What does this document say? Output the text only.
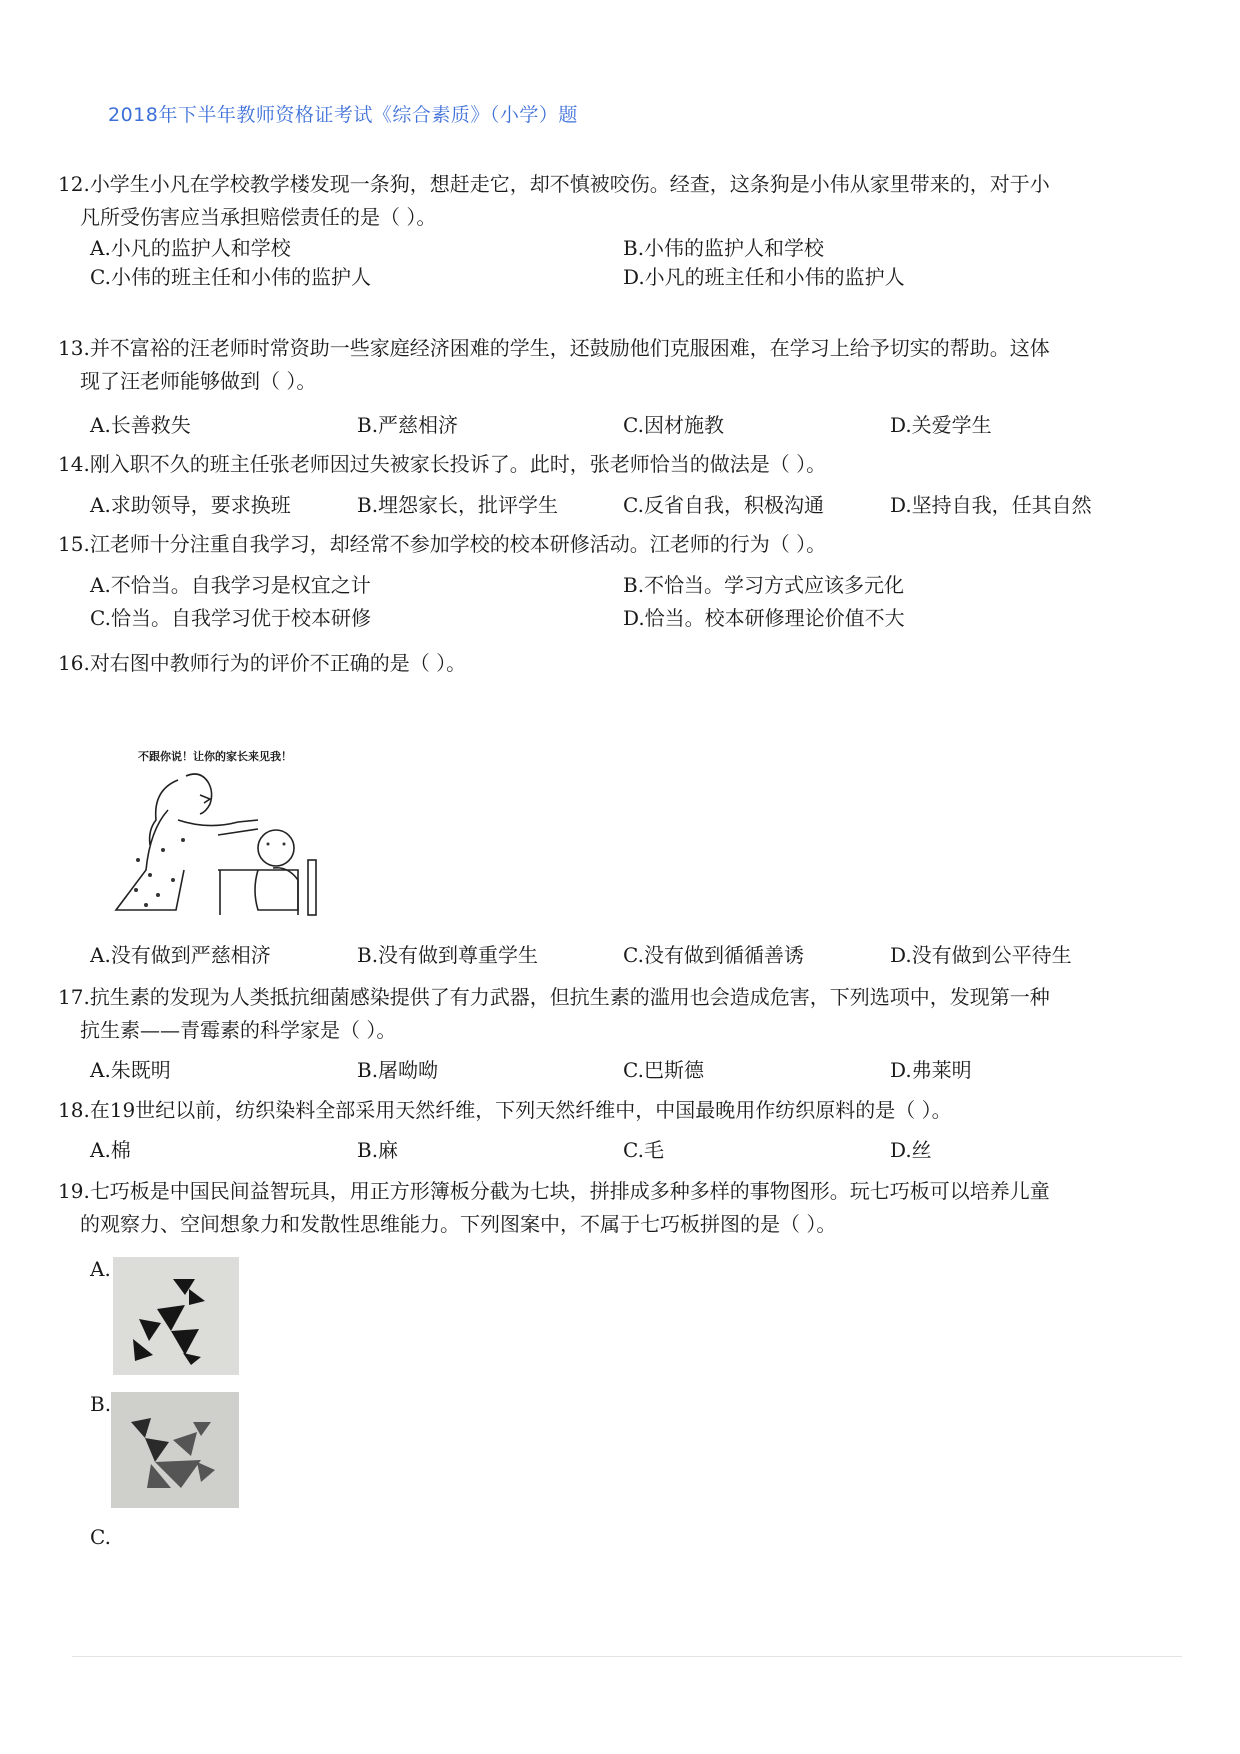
2018年下半年教师资格证考试《综合素质》（小学）题
12.小学生小凡在学校教学楼发现一条狗，想赶走它，却不慎被咬伤。经查，这条狗是小伟从家里带来的，对于小
凡所受伤害应当承担赔偿责任的是（ ）。
A.小凡的监护人和学校	B.小伟的监护人和学校
C.小伟的班主任和小伟的监护人	D.小凡的班主任和小伟的监护人
13.并不富裕的汪老师时常资助一些家庭经济困难的学生，还鼓励他们克服困难，在学习上给予切实的帮助。这体
现了汪老师能够做到（ ）。
A.长善救失	B.严慈相济	C.因材施教	D.关爱学生
14.刚入职不久的班主任张老师因过失被家长投诉了。此时，张老师恰当的做法是（ ）。
A.求助领导，要求换班	B.埋怨家长，批评学生	C.反省自我，积极沟通	D.坚持自我，任其自然
15.江老师十分注重自我学习，却经常不参加学校的校本研修活动。江老师的行为（ ）。
A.不恰当。自我学习是权宜之计	B.不恰当。学习方式应该多元化
C.恰当。自我学习优于校本研修	D.恰当。校本研修理论价值不大
16.对右图中教师行为的评价不正确的是（ ）。
不跟你说！让你的家长来见我！
A.没有做到严慈相济	B.没有做到尊重学生	C.没有做到循循善诱	D.没有做到公平待生
17.抗生素的发现为人类抵抗细菌感染提供了有力武器，但抗生素的滥用也会造成危害，下列选项中，发现第一种
抗生素——青霉素的科学家是（ ）。
A.朱既明	B.屠呦呦	C.巴斯德	D.弗莱明
18.在19世纪以前，纺织染料全部采用天然纤维，下列天然纤维中，中国最晚用作纺织原料的是（ ）。
A.棉	B.麻	C.毛	D.丝
19.七巧板是中国民间益智玩具，用正方形簿板分截为七块，拼排成多种多样的事物图形。玩七巧板可以培养儿童
的观察力、空间想象力和发散性思维能力。下列图案中，不属于七巧板拼图的是（ ）。
A.
B.
C.
